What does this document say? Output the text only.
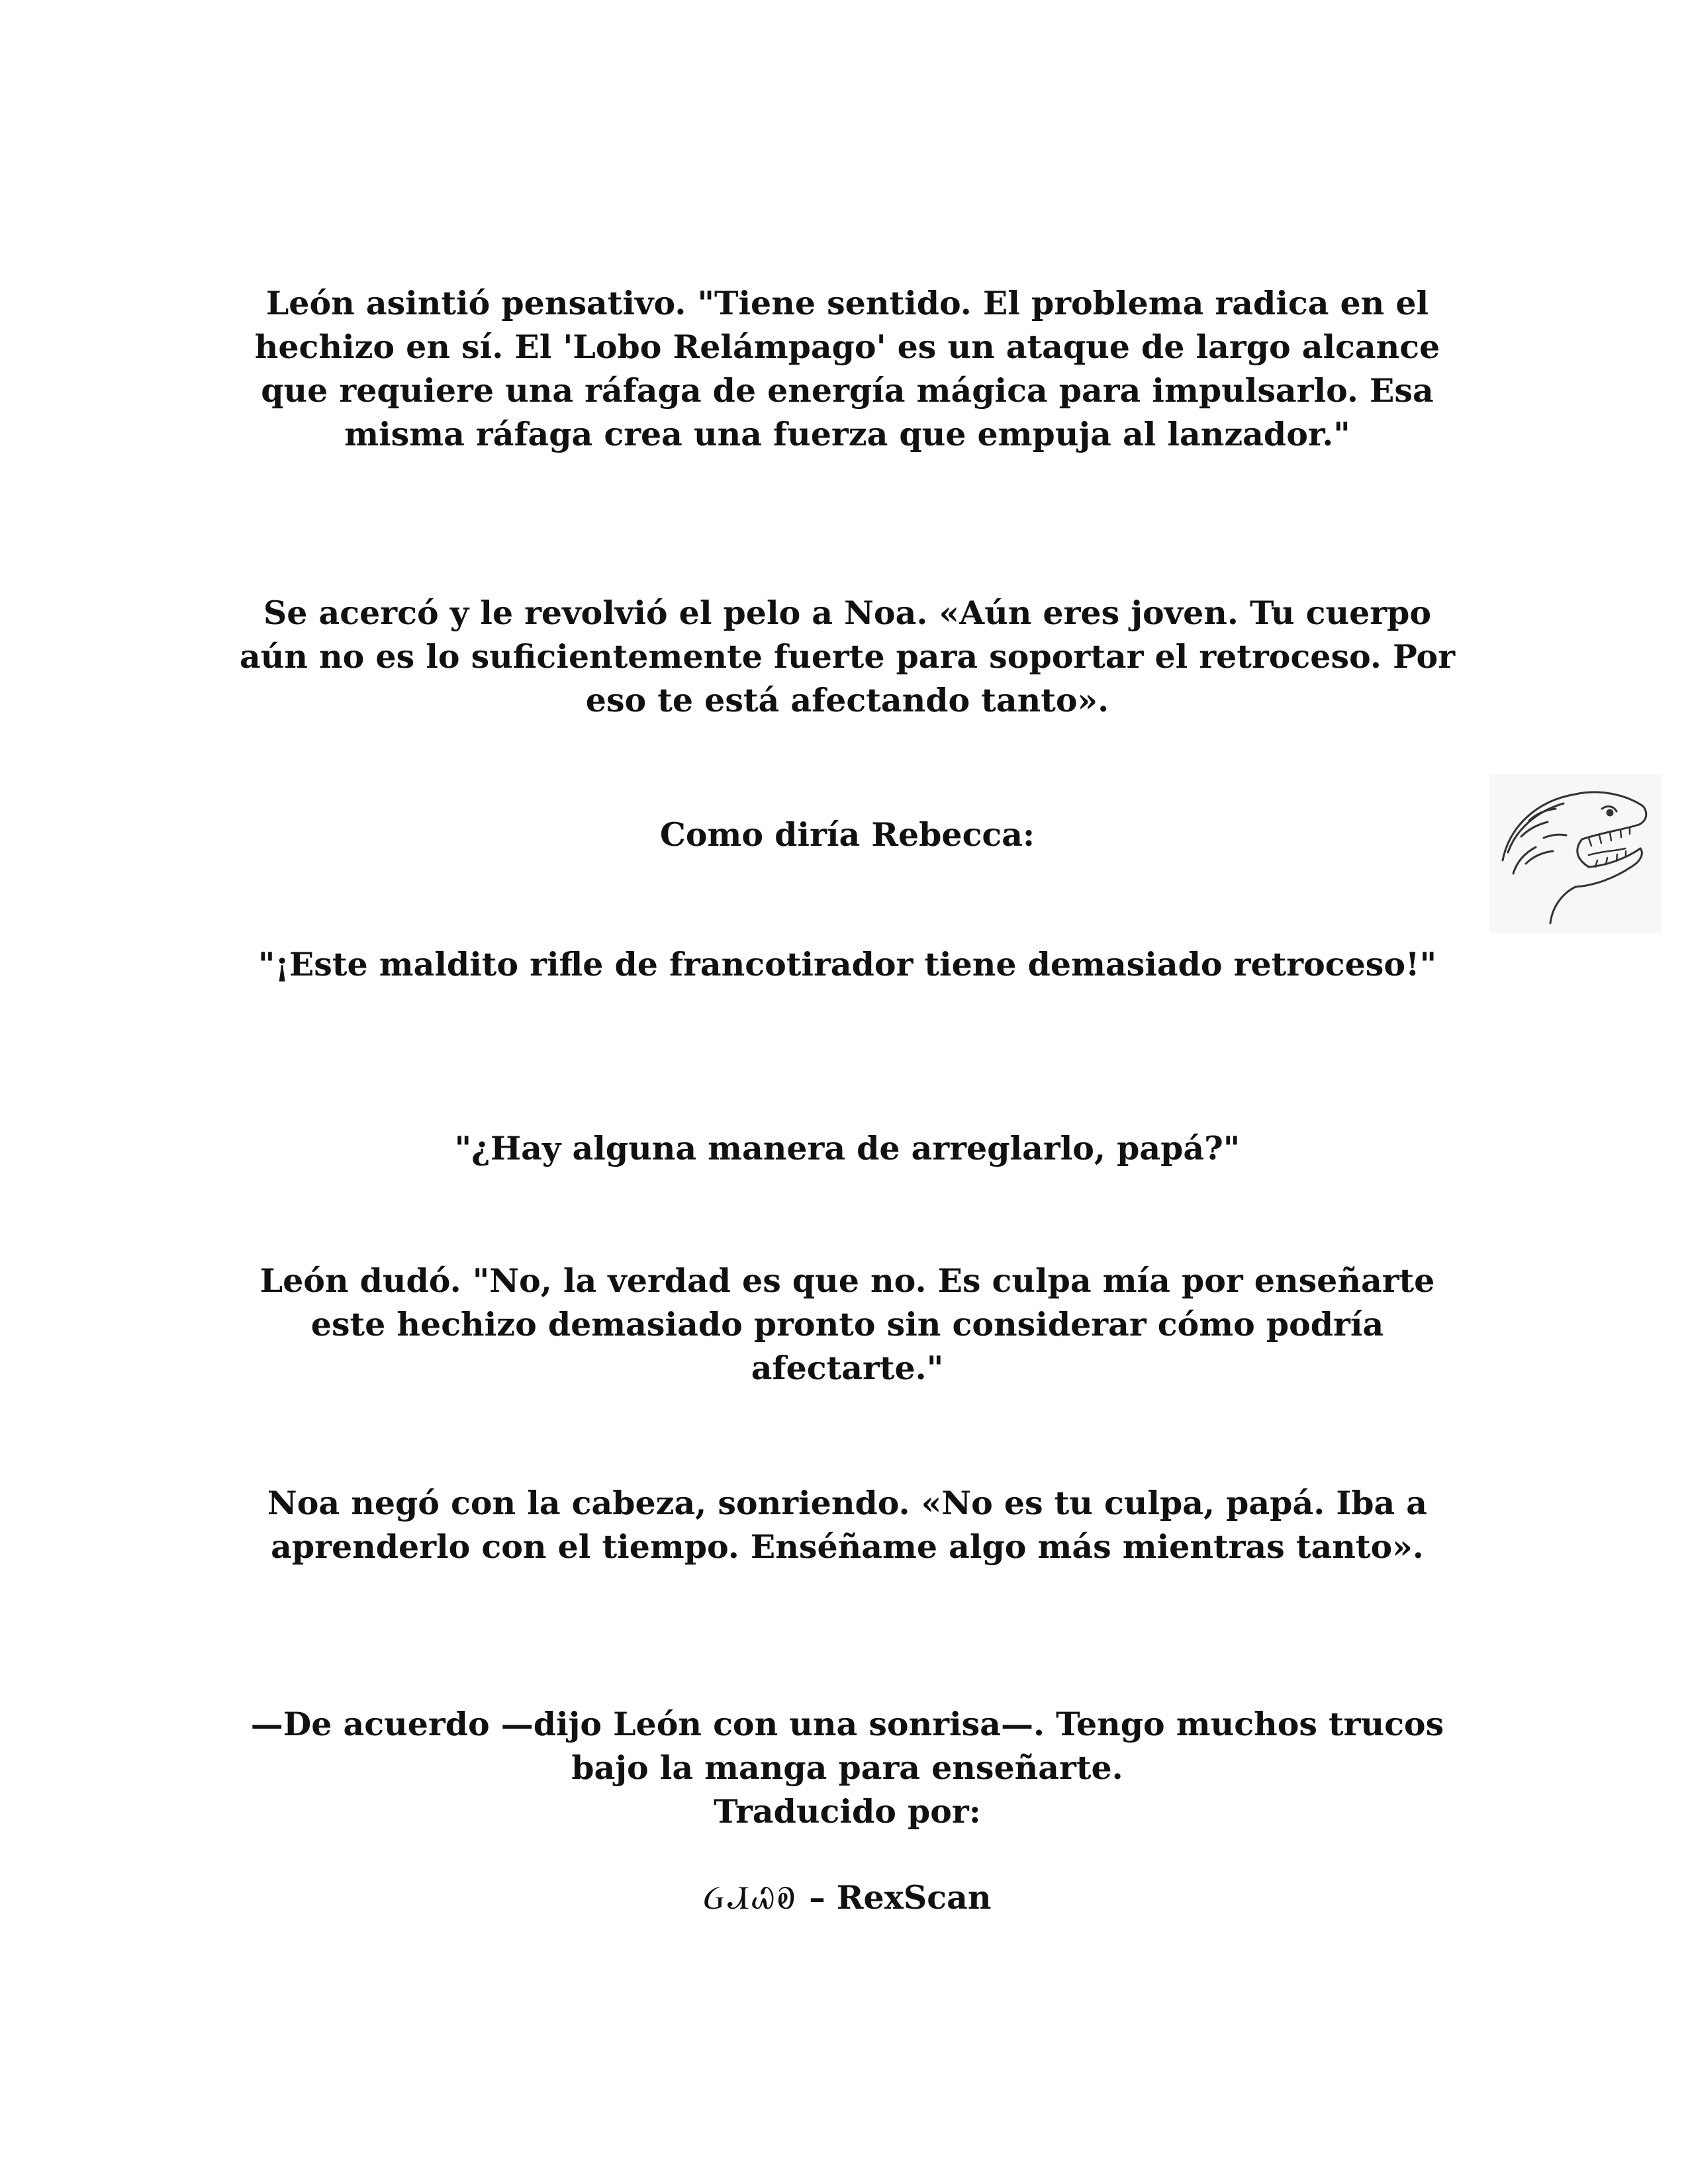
León asintió pensativo. "Tiene sentido. El problema radica en el hechizo en sí. El 'Lobo Relámpago' es un ataque de largo alcance que requiere una ráfaga de energía mágica para impulsarlo. Esa misma ráfaga crea una fuerza que empuja al lanzador."

Se acercó y le revolvió el pelo a Noa. «Aún eres joven. Tu cuerpo aún no es lo suficientemente fuerte para soportar el retroceso. Por eso te está afectando tanto».

Como diría Rebecca:

"¡Este maldito rifle de francotirador tiene demasiado retroceso!"

"¿Hay alguna manera de arreglarlo, papá?"

León dudó. "No, la verdad es que no. Es culpa mía por enseñarte este hechizo demasiado pronto sin considerar cómo podría afectarte."

Noa negó con la cabeza, sonriendo. «No es tu culpa, papá. Iba a aprenderlo con el tiempo. Enséñame algo más mientras tanto».

—De acuerdo —dijo León con una sonrisa—. Tengo muchos trucos bajo la manga para enseñarte.

Traducido por:

ᏵᏗᏇᎧ – RexScan
